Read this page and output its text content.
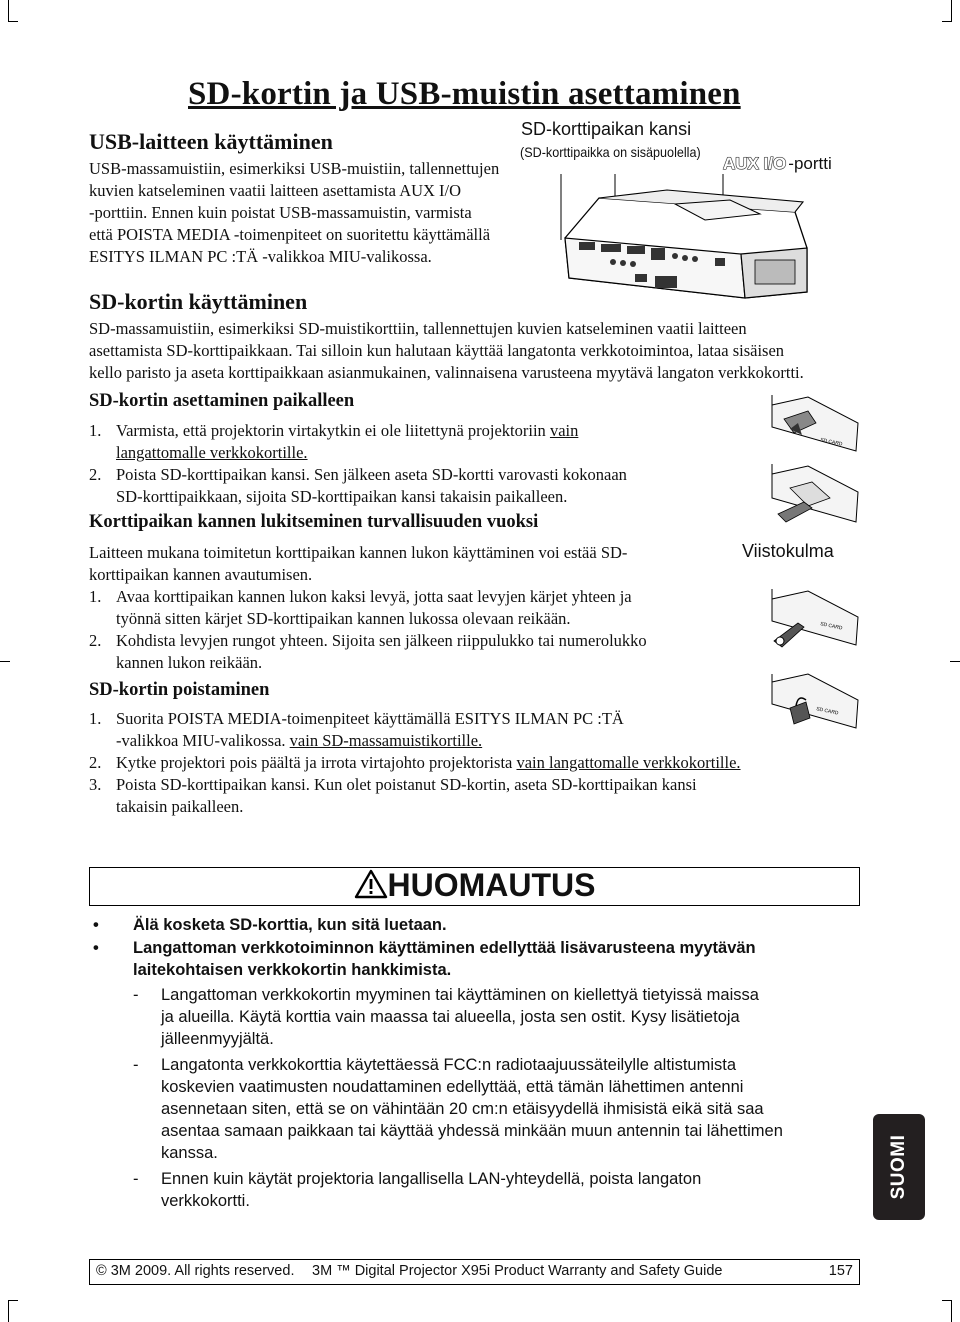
SD-kortin ja USB-muistin asettaminen
USB-laitteen käyttäminen
USB-massamuistiin, esimerkiksi USB-muistiin, tallennettujen
kuvien katseleminen vaatii laitteen asettamista AUX I/O
-porttiin. Ennen kuin poistat USB-massamuistin, varmista
että POISTA MEDIA -toimenpiteet on suoritettu käyttämällä
ESITYS ILMAN PC :TÄ -valikkoa MIU-valikossa.
SD-korttipaikan kansi
(SD-korttipaikka on sisäpuolella)
AUX I/O -portti
SD-kortin käyttäminen
SD-massamuistiin, esimerkiksi SD-muistikorttiin, tallennettujen kuvien katseleminen vaatii laitteen
asettamista SD-korttipaikkaan. Tai silloin kun halutaan käyttää langatonta verkkotoimintoa, lataa sisäisen
kello paristo ja aseta korttipaikkaan asianmukainen, valinnaisena varusteena myytävä langaton verkkokortti.
SD-kortin asettaminen paikalleen
1. Varmista, että projektorin virtakytkin ei ole liitettynä projektoriin vain
langattomalle verkkokortille.
2. Poista SD-korttipaikan kansi. Sen jälkeen aseta SD-kortti varovasti kokonaan
SD-korttipaikkaan, sijoita SD-korttipaikan kansi takaisin paikalleen.
Korttipaikan kannen lukitseminen turvallisuuden vuoksi
Laitteen mukana toimitetun korttipaikan kannen lukon käyttäminen voi estää SD-
korttipaikan kannen avautumisen.
1. Avaa korttipaikan kannen lukon kaksi levyä, jotta saat levyjen kärjet yhteen ja
työnnä sitten kärjet SD-korttipaikan kannen lukossa olevaan reikään.
2. Kohdista levyjen rungot yhteen. Sijoita sen jälkeen riippulukko tai numerolukko
kannen lukon reikään.
Viistokulma
SD-kortin poistaminen
1. Suorita POISTA MEDIA-toimenpiteet käyttämällä ESITYS ILMAN PC :TÄ
-valikkoa MIU-valikossa. vain SD-massamuistikortille.
2. Kytke projektori pois päältä ja irrota virtajohto projektorista vain langattomalle verkkokortille.
3. Poista SD-korttipaikan kansi. Kun olet poistanut SD-kortin, aseta SD-korttipaikan kansi
takaisin paikalleen.
SD CARD
SD CARD
SD CARD
HUOMAUTUS
• Älä kosketa SD-korttia, kun sitä luetaan.
• Langattoman verkkotoiminnon käyttäminen edellyttää lisävarusteena myytävän
laitekohtaisen verkkokortin hankkimista.
- Langattoman verkkokortin myyminen tai käyttäminen on kiellettyä tietyissä maissa
ja alueilla. Käytä korttia vain maassa tai alueella, josta sen ostit. Kysy lisätietoja
jälleenmyyjältä.
- Langatonta verkkokorttia käytettäessä FCC:n radiotaajuussäteilylle altistumista
koskevien vaatimusten noudattaminen edellyttää, että tämän lähettimen antenni
asennetaan siten, että se on vähintään 20 cm:n etäisyydellä ihmisistä eikä sitä saa
asentaa samaan paikkaan tai käyttää yhdessä minkään muun antennin tai lähettimen
kanssa.
- Ennen kuin käytät projektoria langallisella LAN-yhteydellä, poista langaton
verkkokortti.
SUOMI
© 3M 2009. All rights reserved. 3M ™ Digital Projector X95i Product Warranty and Safety Guide	157
